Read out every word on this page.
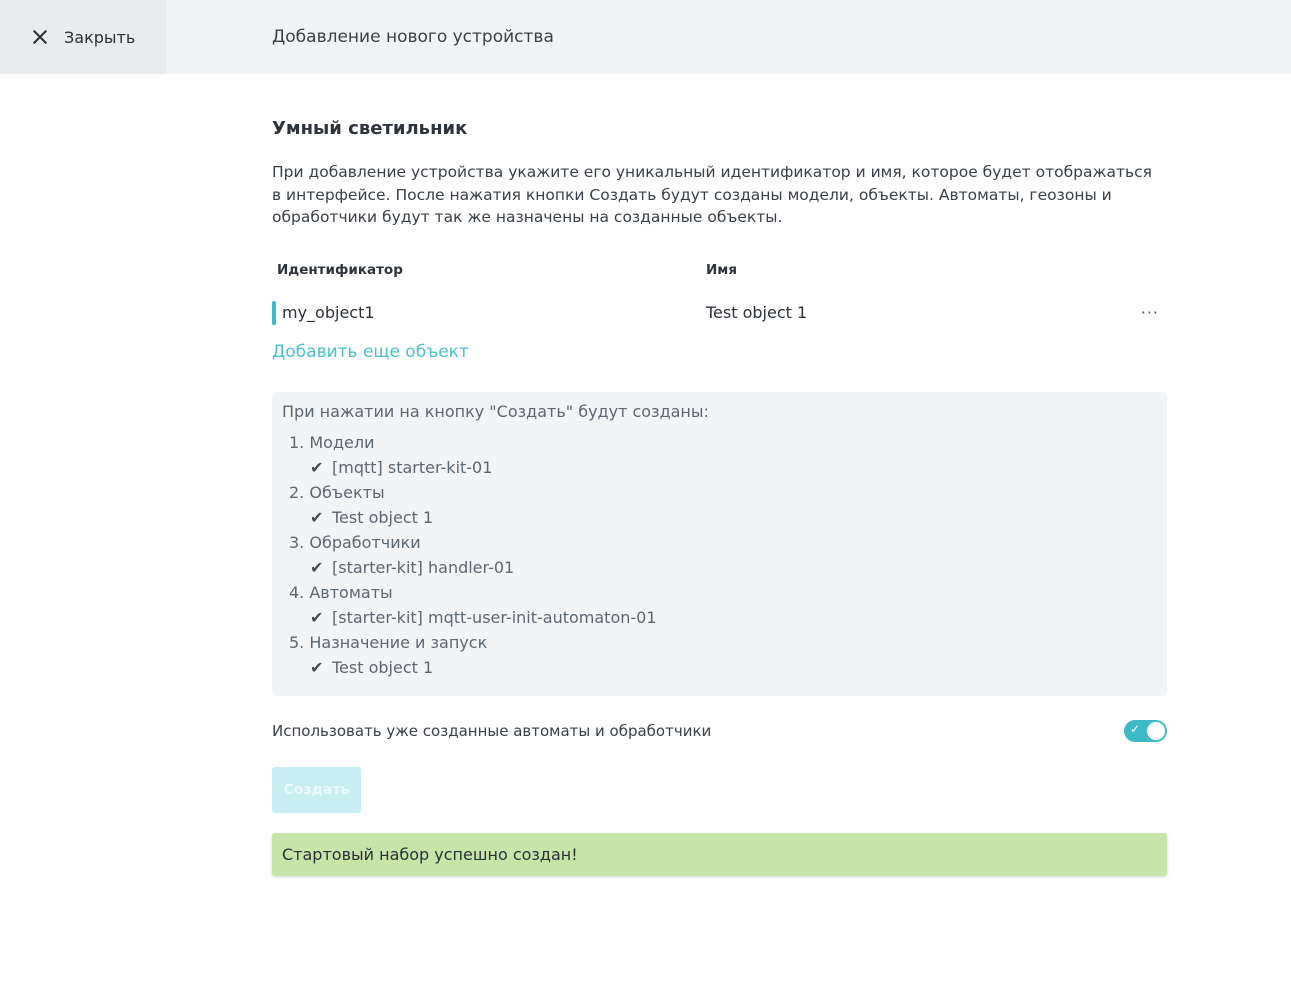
Закрыть	Добавление нового устройства
Умный светильник
При добавление устройства укажите его уникальный идентификатор и имя, которое будет отображаться в интерфейсе. После нажатия кнопки Создать будут созданы модели, объекты. Автоматы, геозоны и обработчики будут так же назначены на созданные объекты.
Идентификатор	Имя
my_object1	Test object 1	···
Добавить еще объект
При нажатии на кнопку "Создать" будут созданы:
1. Модели
✔ [mqtt] starter-kit-01
2. Объекты
✔ Test object 1
3. Обработчики
✔ [starter-kit] handler-01
4. Автоматы
✔ [starter-kit] mqtt-user-init-automaton-01
5. Назначение и запуск
✔ Test object 1
Использовать уже созданные автоматы и обработчики	✓
Создать
Стартовый набор успешно создан!
